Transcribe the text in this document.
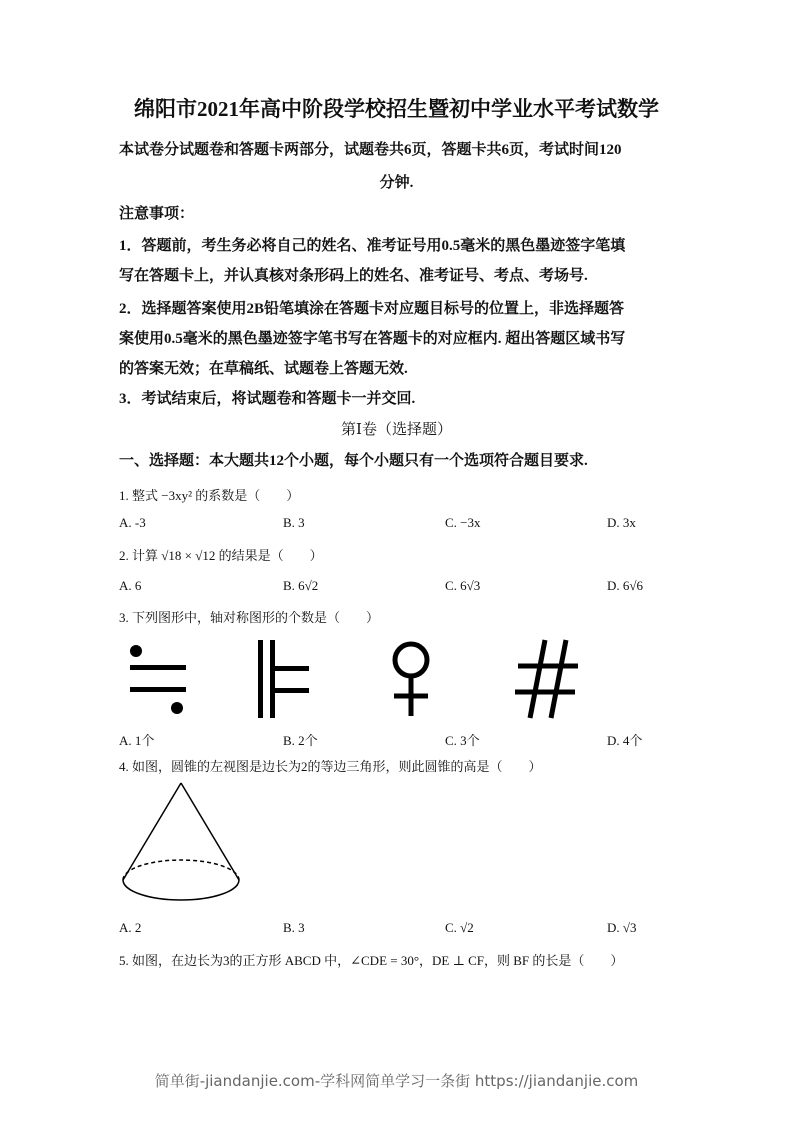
绵阳市2021年高中阶段学校招生暨初中学业水平考试数学
本试卷分试题卷和答题卡两部分，试题卷共6页，答题卡共6页，考试时间120
分钟.
注意事项：
1．答题前，考生务必将自己的姓名、准考证号用0.5毫米的黑色墨迹签字笔填
写在答题卡上，并认真核对条形码上的姓名、准考证号、考点、考场号.
2．选择题答案使用2B铅笔填涂在答题卡对应题目标号的位置上，非选择题答
案使用0.5毫米的黑色墨迹签字笔书写在答题卡的对应框内. 超出答题区域书写
的答案无效；在草稿纸、试题卷上答题无效.
3．考试结束后，将试题卷和答题卡一并交回.
第Ⅰ卷（选择题）
一、选择题：本大题共12个小题，每个小题只有一个选项符合题目要求.
1. 整式 −3xy² 的系数是（　　）
A. -3	B. 3	C. −3x	D. 3x
2. 计算 √18 × √12 的结果是（　　）
A. 6	B. 6√2	C. 6√3	D. 6√6
3. 下列图形中，轴对称图形的个数是（　　）
A. 1个	B. 2个	C. 3个	D. 4个
4. 如图，圆锥的左视图是边长为2的等边三角形，则此圆锥的高是（　　）
A. 2	B. 3	C. √2	D. √3
5. 如图，在边长为3的正方形 ABCD 中，∠CDE = 30°，DE ⊥ CF，则 BF 的长是（　　）
简单街-jiandanjie.com-学科网简单学习一条街 https://jiandanjie.com
